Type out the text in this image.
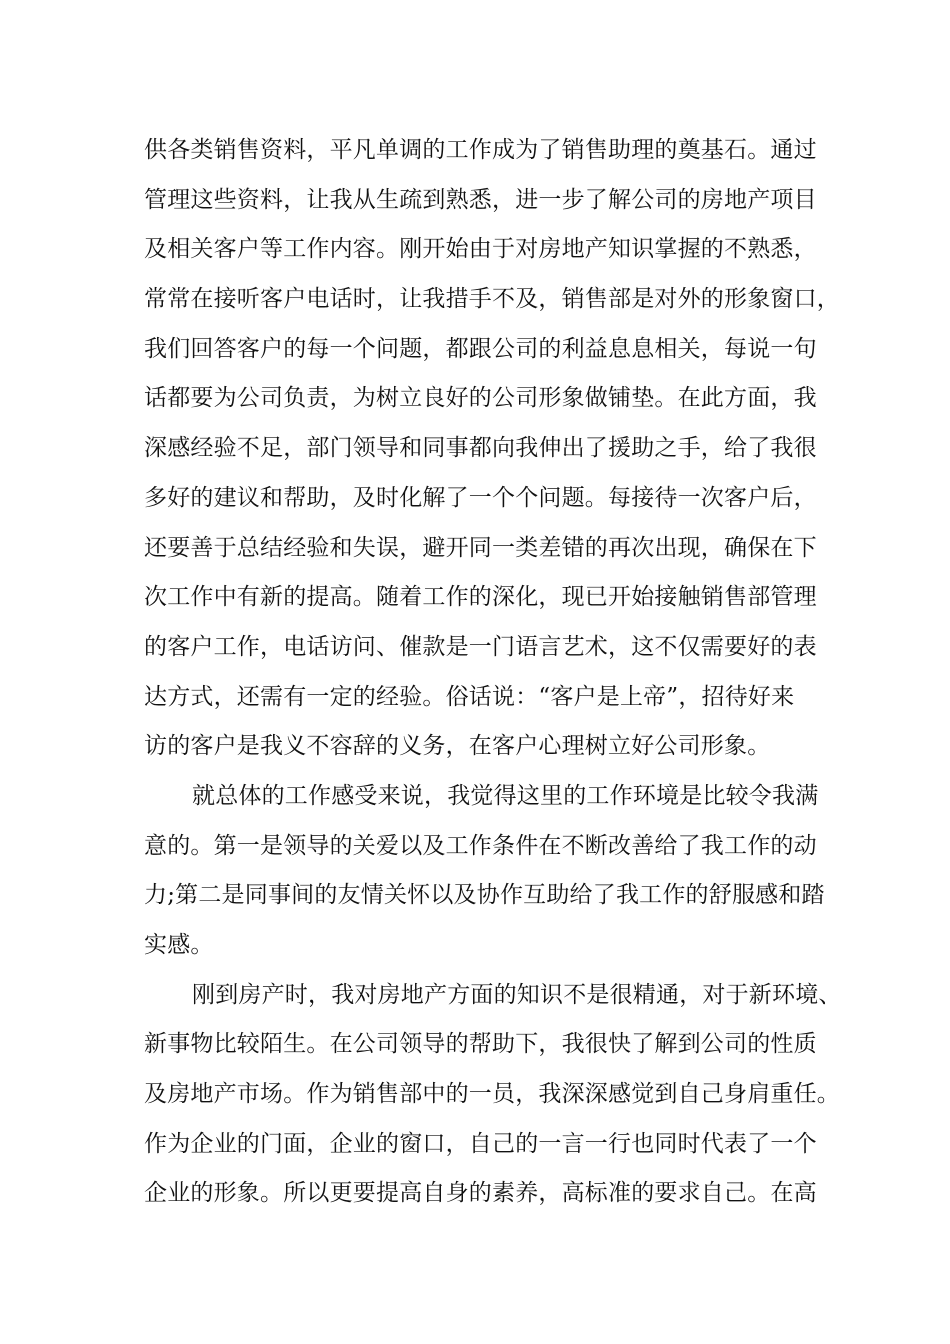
供各类销售资料，平凡单调的工作成为了销售助理的奠基石。通过
管理这些资料，让我从生疏到熟悉，进一步了解公司的房地产项目
及相关客户等工作内容。刚开始由于对房地产知识掌握的不熟悉，
常常在接听客户电话时，让我措手不及，销售部是对外的形象窗口，
我们回答客户的每一个问题，都跟公司的利益息息相关，每说一句
话都要为公司负责，为树立良好的公司形象做铺垫。在此方面，我
深感经验不足，部门领导和同事都向我伸出了援助之手，给了我很
多好的建议和帮助，及时化解了一个个问题。每接待一次客户后，
还要善于总结经验和失误，避开同一类差错的再次出现，确保在下
次工作中有新的提高。随着工作的深化，现已开始接触销售部管理
的客户工作，电话访问、催款是一门语言艺术，这不仅需要好的表
达方式，还需有一定的经验。俗话说：“客户是上帝”，招待好来
访的客户是我义不容辞的义务，在客户心理树立好公司形象。
就总体的工作感受来说，我觉得这里的工作环境是比较令我满
意的。第一是领导的关爱以及工作条件在不断改善给了我工作的动
力;第二是同事间的友情关怀以及协作互助给了我工作的舒服感和踏
实感。
刚到房产时，我对房地产方面的知识不是很精通，对于新环境、
新事物比较陌生。在公司领导的帮助下，我很快了解到公司的性质
及房地产市场。作为销售部中的一员，我深深感觉到自己身肩重任。
作为企业的门面，企业的窗口，自己的一言一行也同时代表了一个
企业的形象。所以更要提高自身的素养，高标准的要求自己。在高
